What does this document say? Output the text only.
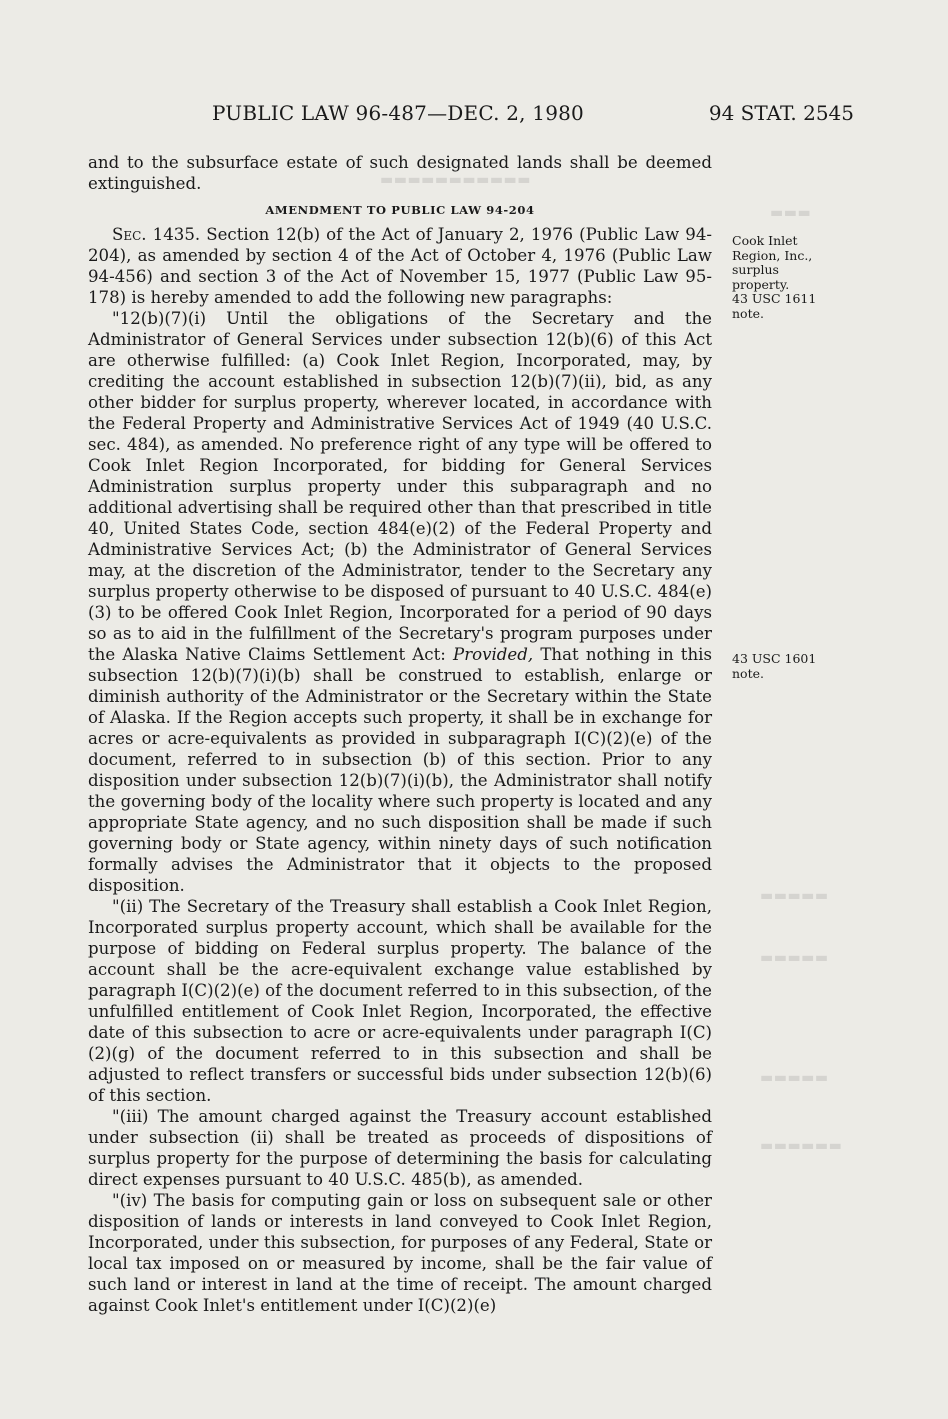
▬▬▬▬▬▬▬▬▬▬▬
▬▬▬
▬▬▬▬▬
▬▬▬▬▬
▬▬▬▬▬
▬▬▬▬▬▬
PUBLIC LAW 96-487—DEC. 2, 1980	94 STAT. 2545

and to the subsurface estate of such designated lands shall be deemed extinguished.

AMENDMENT TO PUBLIC LAW 94-204

Sec. 1435. Section 12(b) of the Act of January 2, 1976 (Public Law 94-204), as amended by section 4 of the Act of October 4, 1976 (Public Law 94-456) and section 3 of the Act of November 15, 1977 (Public Law 95-178) is hereby amended to add the following new paragraphs:

"12(b)(7)(i) Until the obligations of the Secretary and the Administrator of General Services under subsection 12(b)(6) of this Act are otherwise fulfilled: (a) Cook Inlet Region, Incorporated, may, by crediting the account established in subsection 12(b)(7)(ii), bid, as any other bidder for surplus property, wherever located, in accordance with the Federal Property and Administrative Services Act of 1949 (40 U.S.C. sec. 484), as amended. No preference right of any type will be offered to Cook Inlet Region Incorporated, for bidding for General Services Administration surplus property under this subparagraph and no additional advertising shall be required other than that prescribed in title 40, United States Code, section 484(e)(2) of the Federal Property and Administrative Services Act; (b) the Administrator of General Services may, at the discretion of the Administrator, tender to the Secretary any surplus property otherwise to be disposed of pursuant to 40 U.S.C. 484(e)(3) to be offered Cook Inlet Region, Incorporated for a period of 90 days so as to aid in the fulfillment of the Secretary's program purposes under the Alaska Native Claims Settlement Act: Provided, That nothing in this subsection 12(b)(7)(i)(b) shall be construed to establish, enlarge or diminish authority of the Administrator or the Secretary within the State of Alaska. If the Region accepts such property, it shall be in exchange for acres or acre-equivalents as provided in subparagraph I(C)(2)(e) of the document, referred to in subsection (b) of this section. Prior to any disposition under subsection 12(b)(7)(i)(b), the Administrator shall notify the governing body of the locality where such property is located and any appropriate State agency, and no such disposition shall be made if such governing body or State agency, within ninety days of such notification formally advises the Administrator that it objects to the proposed disposition.

"(ii) The Secretary of the Treasury shall establish a Cook Inlet Region, Incorporated surplus property account, which shall be available for the purpose of bidding on Federal surplus property. The balance of the account shall be the acre-equivalent exchange value established by paragraph I(C)(2)(e) of the document referred to in this subsection, of the unfulfilled entitlement of Cook Inlet Region, Incorporated, the effective date of this subsection to acre or acre-equivalents under paragraph I(C)(2)(g) of the document referred to in this subsection and shall be adjusted to reflect transfers or successful bids under subsection 12(b)(6) of this section.

"(iii) The amount charged against the Treasury account established under subsection (ii) shall be treated as proceeds of dispositions of surplus property for the purpose of determining the basis for calculating direct expenses pursuant to 40 U.S.C. 485(b), as amended.

"(iv) The basis for computing gain or loss on subsequent sale or other disposition of lands or interests in land conveyed to Cook Inlet Region, Incorporated, under this subsection, for purposes of any Federal, State or local tax imposed on or measured by income, shall be the fair value of such land or interest in land at the time of receipt. The amount charged against Cook Inlet's entitlement under I(C)(2)(e)

Cook Inlet
Region, Inc.,
surplus
property.
43 USC 1611
note.
43 USC 1601
note.
